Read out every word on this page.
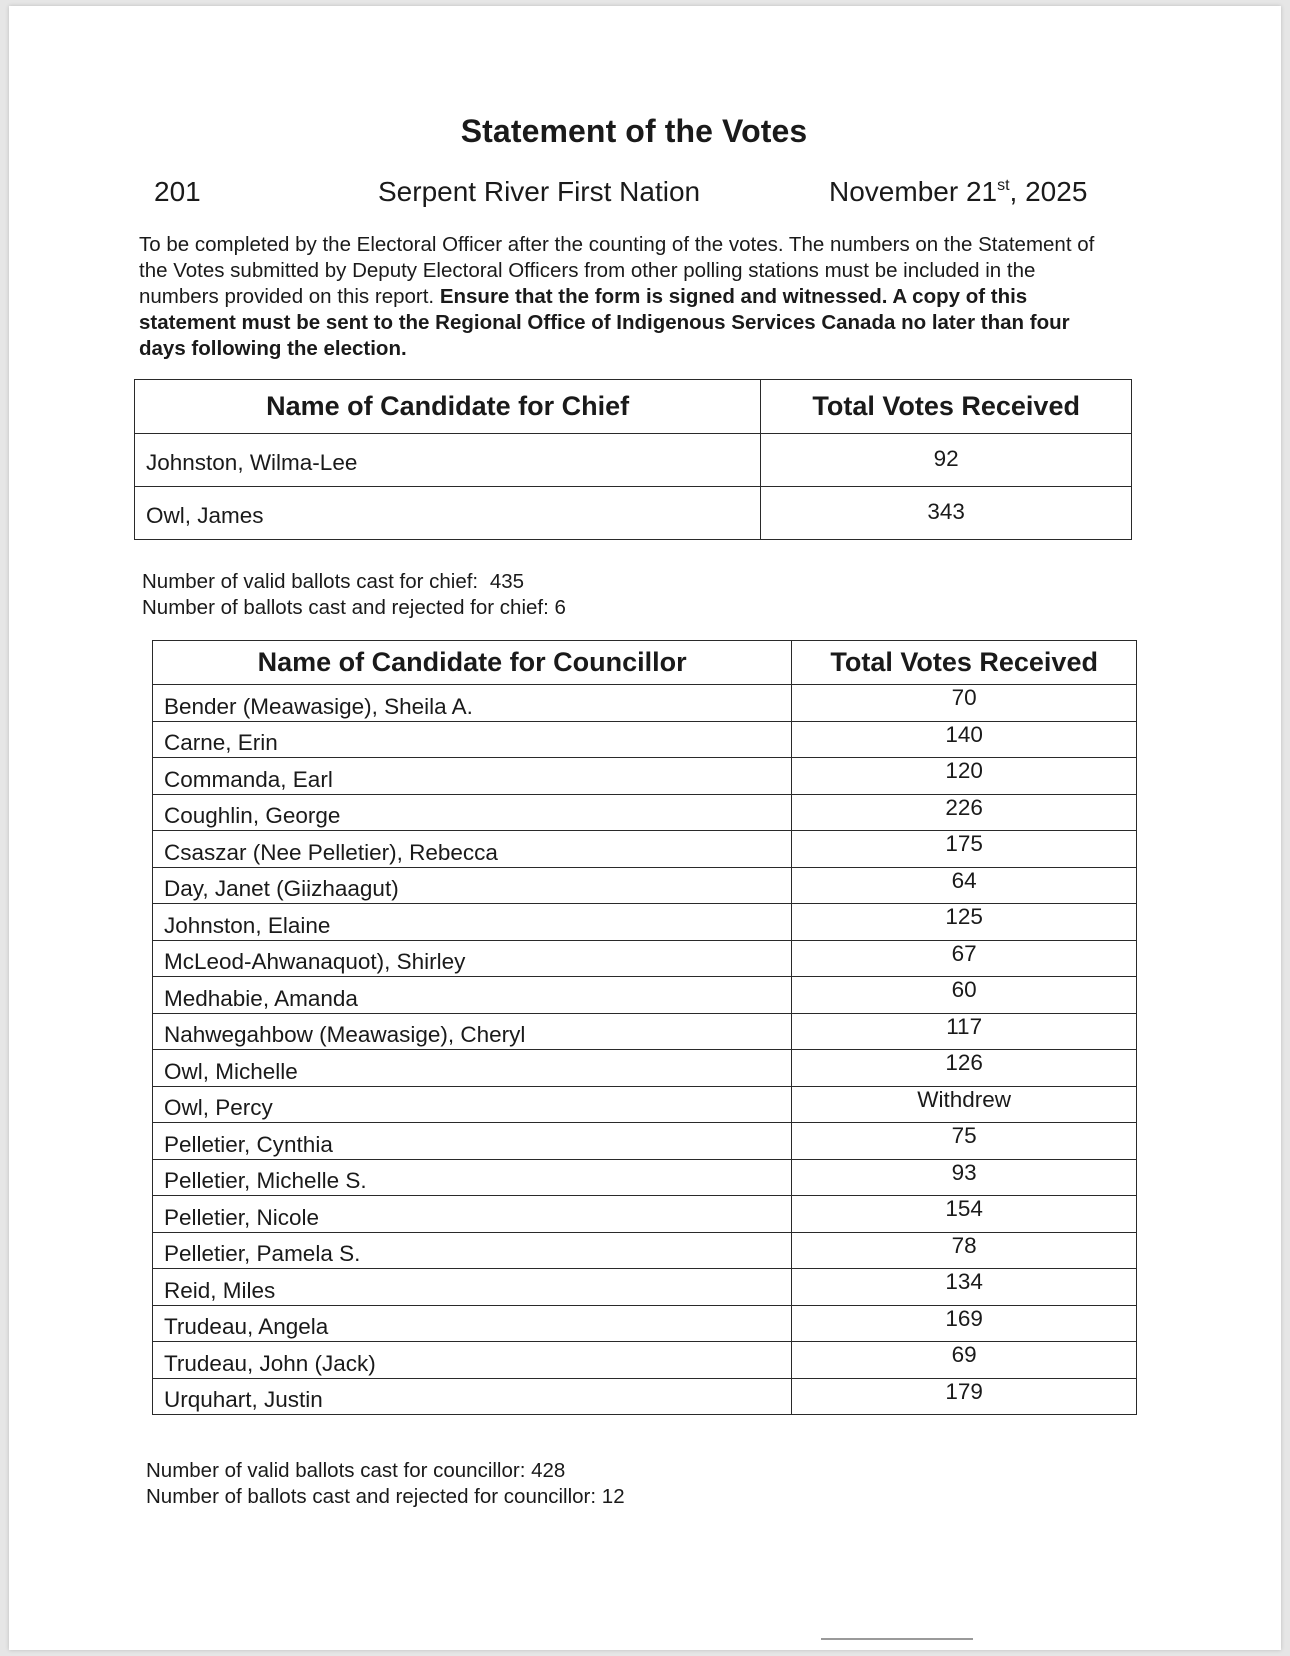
Statement of the Votes
201	Serpent River First Nation	November 21st, 2025

To be completed by the Electoral Officer after the counting of the votes. The numbers on the Statement of the Votes submitted by Deputy Electoral Officers from other polling stations must be included in the numbers provided on this report. Ensure that the form is signed and witnessed. A copy of this statement must be sent to the Regional Office of Indigenous Services Canada no later than four days following the election.

Name of Candidate for Chief	Total Votes Received
Johnston, Wilma-Lee	92
Owl, James	343
Number of valid ballots cast for chief: 435
Number of ballots cast and rejected for chief: 6
Name of Candidate for Councillor	Total Votes Received
Bender (Meawasige), Sheila A.	70
Carne, Erin	140
Commanda, Earl	120
Coughlin, George	226
Csaszar (Nee Pelletier), Rebecca	175
Day, Janet (Giizhaagut)	64
Johnston, Elaine	125
McLeod-Ahwanaquot), Shirley	67
Medhabie, Amanda	60
Nahwegahbow (Meawasige), Cheryl	117
Owl, Michelle	126
Owl, Percy	Withdrew
Pelletier, Cynthia	75
Pelletier, Michelle S.	93
Pelletier, Nicole	154
Pelletier, Pamela S.	78
Reid, Miles	134
Trudeau, Angela	169
Trudeau, John (Jack)	69
Urquhart, Justin	179
Number of valid ballots cast for councillor: 428
Number of ballots cast and rejected for councillor: 12
